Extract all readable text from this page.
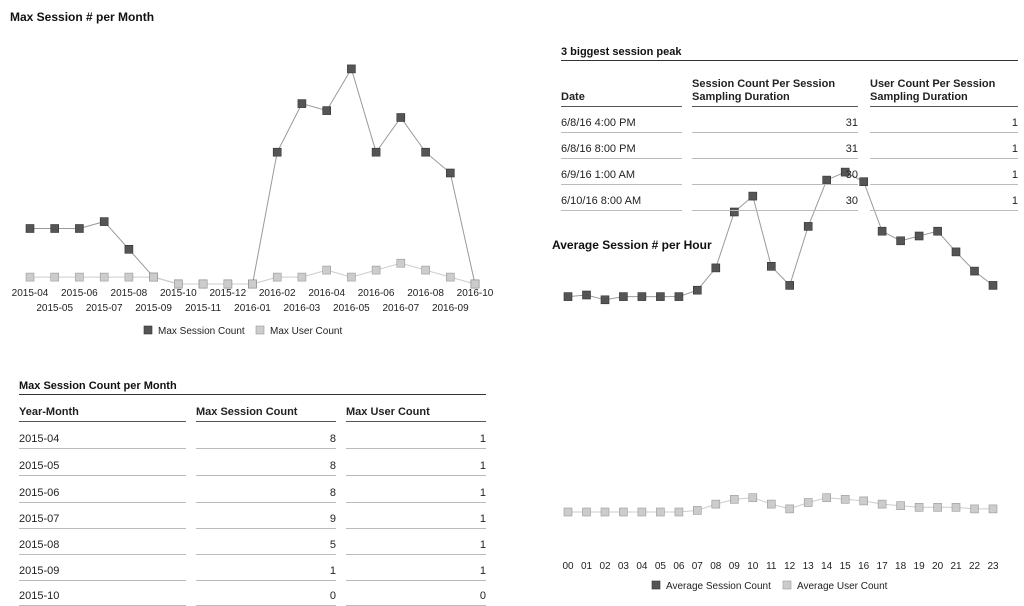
Max Session # per Month
Average Session # per Hour
2015-04
2015-05
2015-06
2015-07
2015-08
2015-09
2015-10
2015-11
2015-12
2016-01
2016-02
2016-03
2016-04
2016-05
2016-06
2016-07
2016-08
2016-09
2016-10
Max Session Count	Max User Count
00 01 02 03 04 05 06 07 08 09 10 11 12 13 14 15 16 17 18 19 20 21 22 23
Average Session Count	Average User Count
3 biggest session peak
Date
Session Count Per Session Sampling Duration
User Count Per Session Sampling Duration
6/8/16 4:00 PM	31	1
6/8/16 8:00 PM	31	1
6/9/16 1:00 AM	30	1
6/10/16 8:00 AM	30	1
Max Session Count per Month
Year-Month	Max Session Count	Max User Count
2015-04	8	1
2015-05	8	1
2015-06	8	1
2015-07	9	1
2015-08	5	1
2015-09	1	1
2015-10	0	0
